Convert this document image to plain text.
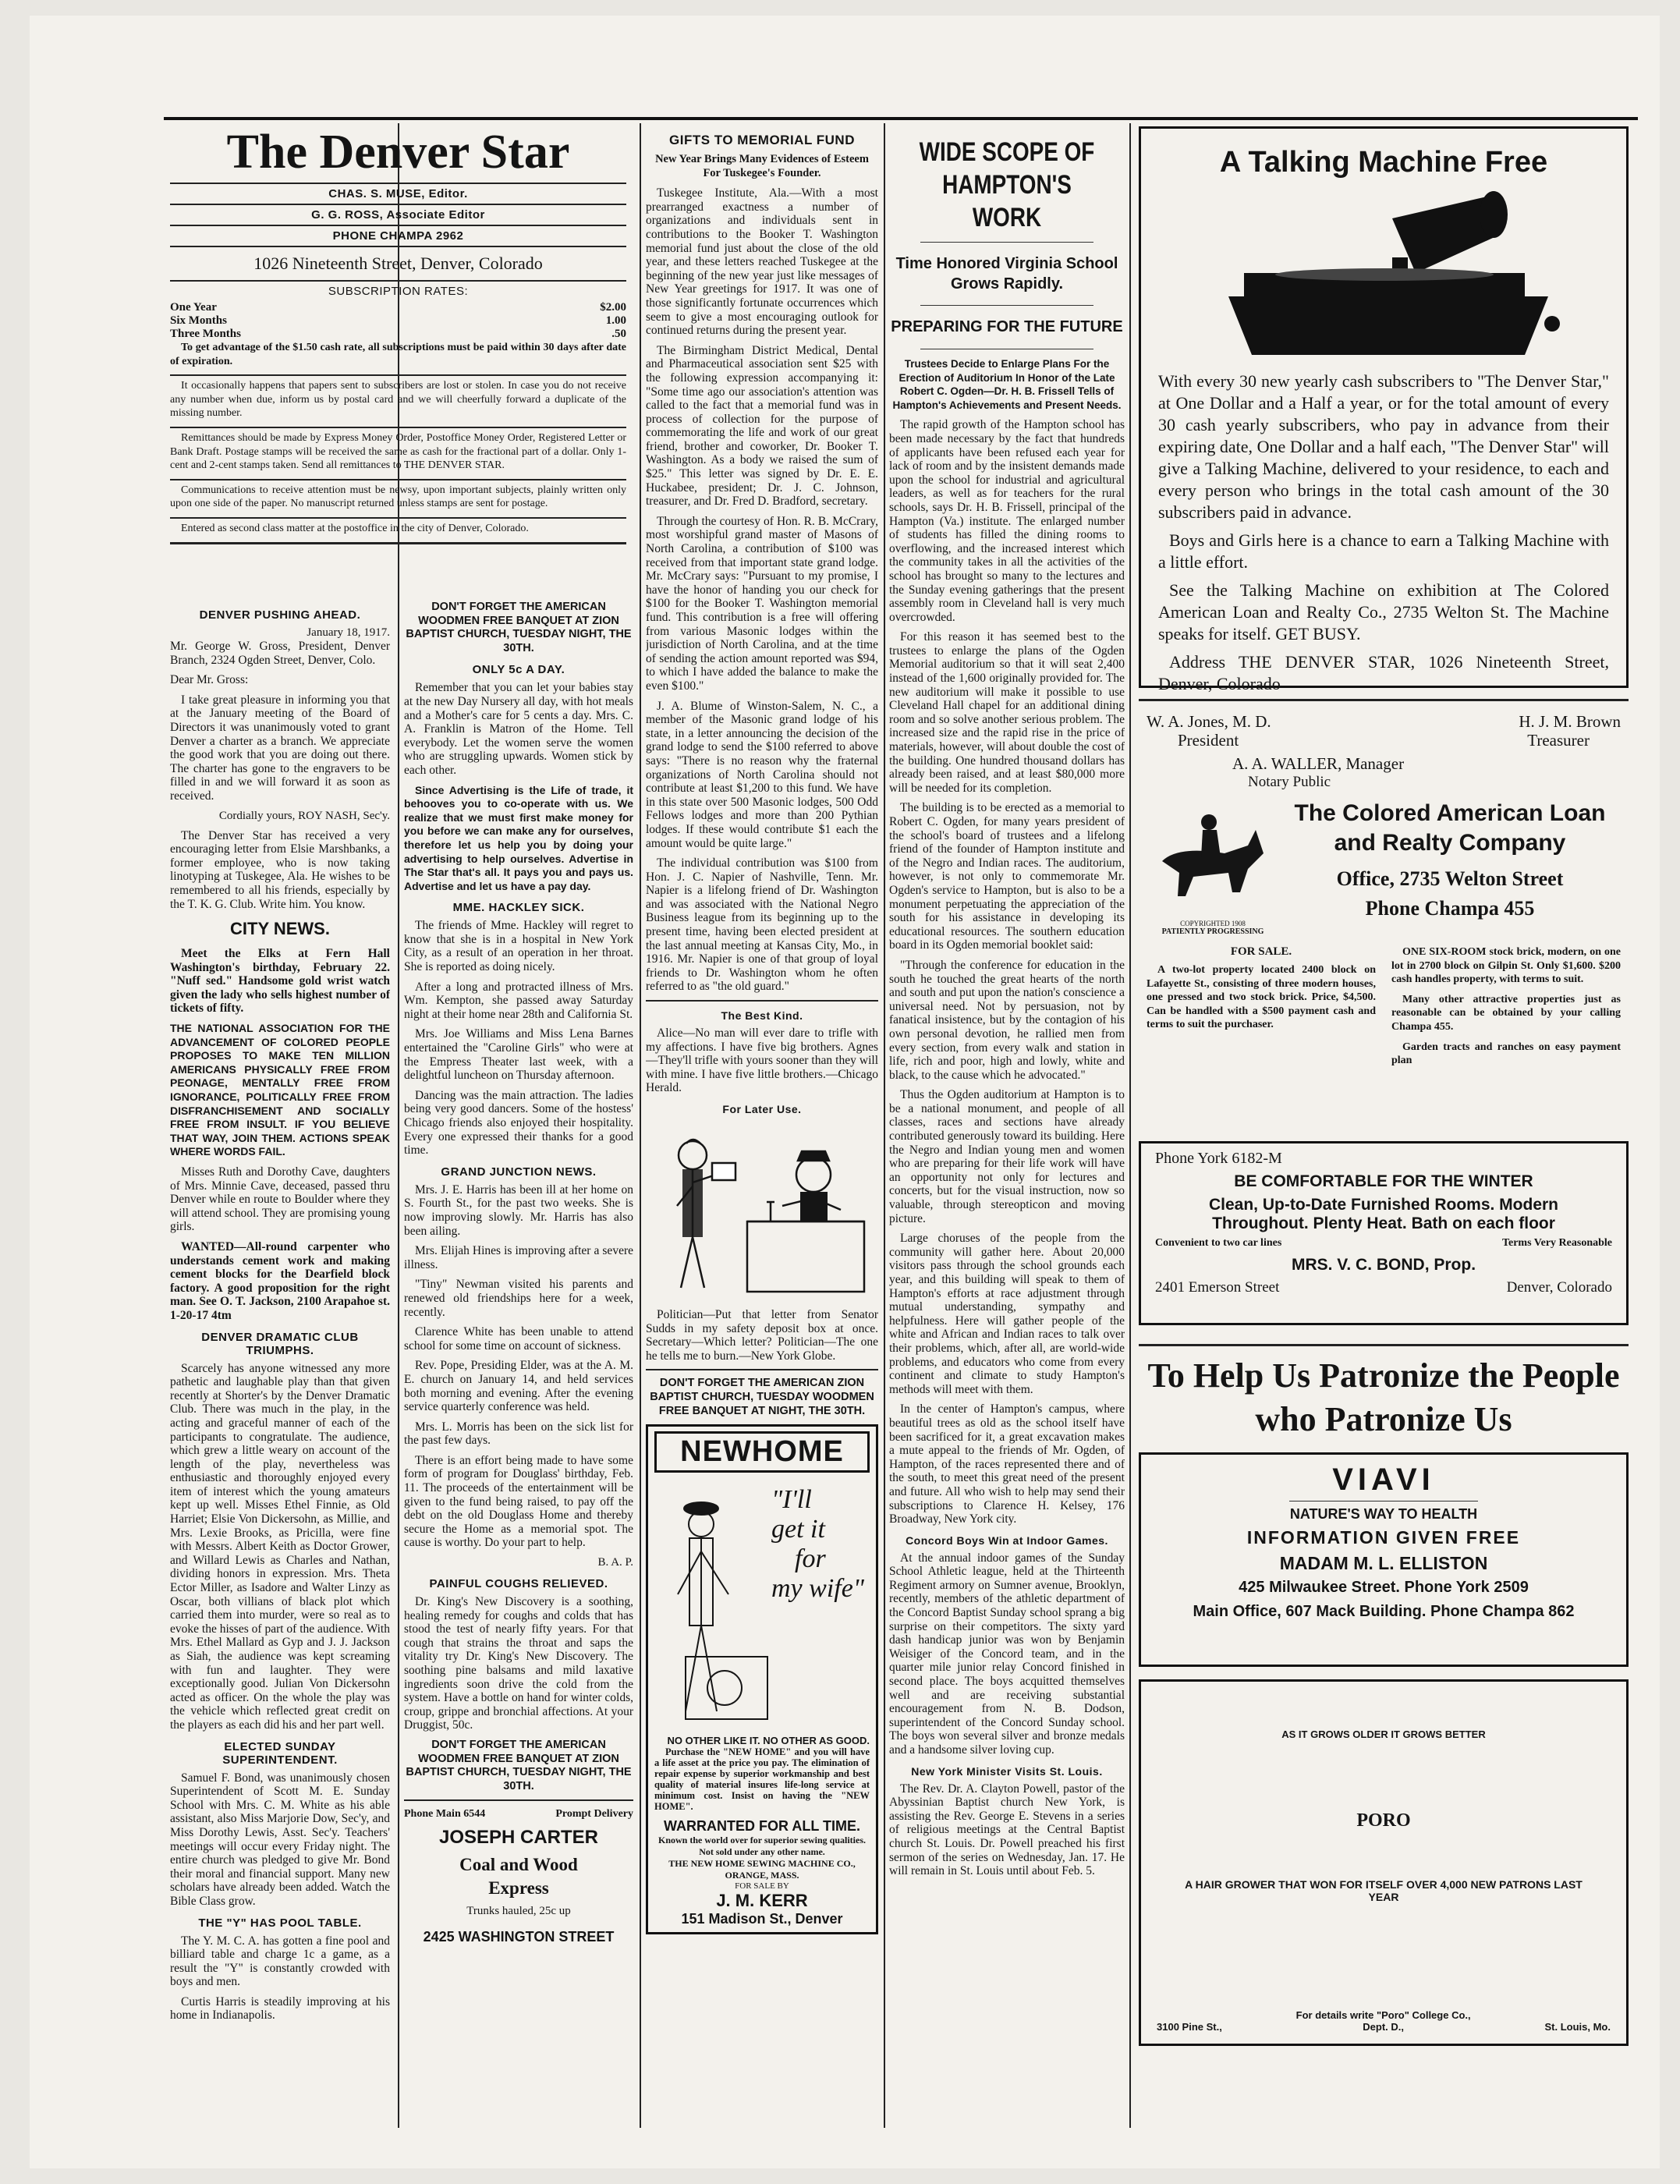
The Denver Star
CHAS. S. MUSE, Editor.
G. G. ROSS, Associate Editor
PHONE CHAMPA 2962
1026 Nineteenth Street, Denver, Colorado
SUBSCRIPTION RATES:
One Year	$2.00
Six Months	1.00
Three Months	.50

To get advantage of the $1.50 cash rate, all subscriptions must be paid within 30 days after date of expiration.

It occasionally happens that papers sent to subscribers are lost or stolen. In case you do not receive any number when due, inform us by postal card and we will cheerfully forward a duplicate of the missing number.

Remittances should be made by Express Money Order, Postoffice Money Order, Registered Letter or Bank Draft. Postage stamps will be received the same as cash for the fractional part of a dollar. Only 1-cent and 2-cent stamps taken. Send all remittances to THE DENVER STAR.

Communications to receive attention must be newsy, upon important subjects, plainly written only upon one side of the paper. No manuscript returned unless stamps are sent for postage.

Entered as second class matter at the postoffice in the city of Denver, Colorado.

DENVER PUSHING AHEAD.
January 18, 1917.

Mr. George W. Gross, President, Denver Branch, 2324 Ogden Street, Denver, Colo.

Dear Mr. Gross:

I take great pleasure in informing you that at the January meeting of the Board of Directors it was unanimously voted to grant Denver a charter as a branch. We appreciate the good work that you are doing out there. The charter has gone to the engravers to be filled in and we will forward it as soon as received.

Cordially yours, ROY NASH, Sec'y.

The Denver Star has received a very encouraging letter from Elsie Marshbanks, a former employee, who is now taking linotyping at Tuskegee, Ala. He wishes to be remembered to all his friends, especially by the T. K. G. Club. Write him. You know.

CITY NEWS.

Meet the Elks at Fern Hall Washington's birthday, February 22. "Nuff sed." Handsome gold wrist watch given the lady who sells highest number of tickets of fifty.

THE NATIONAL ASSOCIATION FOR THE ADVANCEMENT OF COLORED PEOPLE PROPOSES TO MAKE TEN MILLION AMERICANS PHYSICALLY FREE FROM PEONAGE, MENTALLY FREE FROM IGNORANCE, POLITICALLY FREE FROM DISFRANCHISEMENT AND SOCIALLY FREE FROM INSULT. IF YOU BELIEVE THAT WAY, JOIN THEM. ACTIONS SPEAK WHERE WORDS FAIL.

Misses Ruth and Dorothy Cave, daughters of Mrs. Minnie Cave, deceased, passed thru Denver while en route to Boulder where they will attend school. They are promising young girls.

WANTED—All-round carpenter who understands cement work and making cement blocks for the Dearfield block factory. A good proposition for the right man. See O. T. Jackson, 2100 Arapahoe st. 1-20-17 4tm

DENVER DRAMATIC CLUB TRIUMPHS.

Scarcely has anyone witnessed any more pathetic and laughable play than that given recently at Shorter's by the Denver Dramatic Club. There was much in the play, in the acting and graceful manner of each of the participants to congratulate. The audience, which grew a little weary on account of the length of the play, nevertheless was enthusiastic and thoroughly enjoyed every item of interest which the young amateurs kept up well. Misses Ethel Finnie, as Old Harriet; Elsie Von Dickersohn, as Millie, and Mrs. Lexie Brooks, as Pricilla, were fine with Messrs. Albert Keith as Doctor Grower, and Willard Lewis as Charles and Nathan, dividing honors in expression. Mrs. Theta Ector Miller, as Isadore and Walter Linzy as Oscar, both villians of black plot which carried them into murder, were so real as to evoke the hisses of part of the audience. With Mrs. Ethel Mallard as Gyp and J. J. Jackson as Siah, the audience was kept screaming with fun and laughter. They were exceptionally good. Julian Von Dickersohn acted as officer. On the whole the play was the vehicle which reflected great credit on the players as each did his and her part well.

ELECTED SUNDAY SUPERINTENDENT.

Samuel F. Bond, was unanimously chosen Superintendent of Scott M. E. Sunday School with Mrs. C. M. White as his able assistant, also Miss Marjorie Dow, Sec'y, and Miss Dorothy Lewis, Asst. Sec'y. Teachers' meetings will occur every Friday night. The entire church was pledged to give Mr. Bond their moral and financial support. Many new scholars have already been added. Watch the Bible Class grow.

THE "Y" HAS POOL TABLE.

The Y. M. C. A. has gotten a fine pool and billiard table and charge 1c a game, as a result the "Y" is constantly crowded with boys and men.

Curtis Harris is steadily improving at his home in Indianapolis.

DON'T FORGET THE AMERICAN WOODMEN FREE BANQUET AT ZION BAPTIST CHURCH, TUESDAY NIGHT, THE 30TH.

ONLY 5c A DAY.

Remember that you can let your babies stay at the new Day Nursery all day, with hot meals and a Mother's care for 5 cents a day. Mrs. C. A. Franklin is Matron of the Home. Tell everybody. Let the women serve the women who are struggling upwards. Women stick by each other.

Since Advertising is the Life of trade, it behooves you to co-operate with us. We realize that we must first make money for you before we can make any for ourselves, therefore let us help you by doing your advertising to help ourselves. Advertise in The Star that's all. It pays you and pays us. Advertise and let us have a pay day.

MME. HACKLEY SICK.

The friends of Mme. Hackley will regret to know that she is in a hospital in New York City, as a result of an operation in her throat. She is reported as doing nicely.

After a long and protracted illness of Mrs. Wm. Kempton, she passed away Saturday night at their home near 28th and California St.

Mrs. Joe Williams and Miss Lena Barnes entertained the "Caroline Girls" who were at the Empress Theater last week, with a delightful luncheon on Thursday afternoon.

Dancing was the main attraction. The ladies being very good dancers. Some of the hostess' Chicago friends also enjoyed their hospitality. Every one expressed their thanks for a good time.

GRAND JUNCTION NEWS.

Mrs. J. E. Harris has been ill at her home on S. Fourth St., for the past two weeks. She is now improving slowly. Mr. Harris has also been ailing.

Mrs. Elijah Hines is improving after a severe illness.

"Tiny" Newman visited his parents and renewed old friendships here for a week, recently.

Clarence White has been unable to attend school for some time on account of sickness.

Rev. Pope, Presiding Elder, was at the A. M. E. church on January 14, and held services both morning and evening. After the evening service quarterly conference was held.

Mrs. L. Morris has been on the sick list for the past few days.

There is an effort being made to have some form of program for Douglass' birthday, Feb. 11. The proceeds of the entertainment will be given to the fund being raised, to pay off the debt on the old Douglass Home and thereby secure the Home as a memorial spot. The cause is worthy. Do your part to help.

B. A. P.
PAINFUL COUGHS RELIEVED.

Dr. King's New Discovery is a soothing, healing remedy for coughs and colds that has stood the test of nearly fifty years. For that cough that strains the throat and saps the vitality try Dr. King's New Discovery. The soothing pine balsams and mild laxative ingredients soon drive the cold from the system. Have a bottle on hand for winter colds, croup, grippe and bronchial affections. At your Druggist, 50c.

DON'T FORGET THE AMERICAN WOODMEN FREE BANQUET AT ZION BAPTIST CHURCH, TUESDAY NIGHT, THE 30TH.

Phone Main 6544	Prompt Delivery
JOSEPH CARTER
Coal and Wood
Express
Trunks hauled, 25c up
2425 WASHINGTON STREET
GIFTS TO MEMORIAL FUND

New Year Brings Many Evidences of Esteem For Tuskegee's Founder.

Tuskegee Institute, Ala.—With a most prearranged exactness a number of organizations and individuals sent in contributions to the Booker T. Washington memorial fund just about the close of the old year, and these letters reached Tuskegee at the beginning of the new year just like messages of New Year greetings for 1917. It was one of those significantly fortunate occurrences which seem to give a most encouraging outlook for continued returns during the present year.

The Birmingham District Medical, Dental and Pharmaceutical association sent $25 with the following expression accompanying it: "Some time ago our association's attention was called to the fact that a memorial fund was in process of collection for the purpose of commemorating the life and work of our great friend, brother and coworker, Dr. Booker T. Washington. As a body we raised the sum of $25." This letter was signed by Dr. E. E. Huckabee, president; Dr. J. C. Johnson, treasurer, and Dr. Fred D. Bradford, secretary.

Through the courtesy of Hon. R. B. McCrary, most worshipful grand master of Masons of North Carolina, a contribution of $100 was received from that important state grand lodge. Mr. McCrary says: "Pursuant to my promise, I have the honor of handing you our check for $100 for the Booker T. Washington memorial fund. This contribution is a free will offering from various Masonic lodges within the jurisdiction of North Carolina, and at the time of sending the action amount reported was $94, to which I have added the balance to make the even $100."

J. A. Blume of Winston-Salem, N. C., a member of the Masonic grand lodge of his state, in a letter announcing the decision of the grand lodge to send the $100 referred to above says: "There is no reason why the fraternal organizations of North Carolina should not contribute at least $1,200 to this fund. We have in this state over 500 Masonic lodges, 500 Odd Fellows lodges and more than 200 Pythian lodges. If these would contribute $1 each the amount would be quite large."

The individual contribution was $100 from Hon. J. C. Napier of Nashville, Tenn. Mr. Napier is a lifelong friend of Dr. Washington and was associated with the National Negro Business league from its beginning up to the present time, having been elected president at the last annual meeting at Kansas City, Mo., in 1916. Mr. Napier is one of that group of loyal friends to Dr. Washington whom he often referred to as "the old guard."

The Best Kind.

Alice—No man will ever dare to trifle with my affections. I have five big brothers. Agnes—They'll trifle with yours sooner than they will with mine. I have five little brothers.—Chicago Herald.

For Later Use.

Politician—Put that letter from Senator Sudds in my safety deposit box at once. Secretary—Which letter? Politician—The one he tells me to burn.—New York Globe.

DON'T FORGET THE AMERICAN ZION BAPTIST CHURCH, TUESDAY WOODMEN FREE BANQUET AT NIGHT, THE 30TH.

NEWHOME
"I'll
get it
for
my wife"
NO OTHER LIKE IT. NO OTHER AS GOOD.

Purchase the "NEW HOME" and you will have a life asset at the price you pay. The elimination of repair expense by superior workmanship and best quality of material insures life-long service at minimum cost. Insist on having the "NEW HOME".

WARRANTED FOR ALL TIME.
Known the world over for superior sewing qualities. Not sold under any other name.
THE NEW HOME SEWING MACHINE CO., ORANGE, MASS.
FOR SALE BY
J. M. KERR
151 Madison St., Denver
WIDE SCOPE OF HAMPTON'S WORK
Time Honored Virginia School Grows Rapidly.
PREPARING FOR THE FUTURE

Trustees Decide to Enlarge Plans For the Erection of Auditorium In Honor of the Late Robert C. Ogden—Dr. H. B. Frissell Tells of Hampton's Achievements and Present Needs.

The rapid growth of the Hampton school has been made necessary by the fact that hundreds of applicants have been refused each year for lack of room and by the insistent demands made upon the school for industrial and agricultural leaders, as well as for teachers for the rural schools, says Dr. H. B. Frissell, principal of the Hampton (Va.) institute. The enlarged number of students has filled the dining rooms to overflowing, and the increased interest which the community takes in all the activities of the school has brought so many to the lectures and the Sunday evening gatherings that the present assembly room in Cleveland hall is very much overcrowded.

For this reason it has seemed best to the trustees to enlarge the plans of the Ogden Memorial auditorium so that it will seat 2,400 instead of the 1,600 originally provided for. The new auditorium will make it possible to use Cleveland Hall chapel for an additional dining room and so solve another serious problem. The increased size and the rapid rise in the price of materials, however, will about double the cost of the building. One hundred thousand dollars has already been raised, and at least $80,000 more will be needed for its completion.

The building is to be erected as a memorial to Robert C. Ogden, for many years president of the school's board of trustees and a lifelong friend of the founder of Hampton institute and of the Negro and Indian races. The auditorium, however, is not only to commemorate Mr. Ogden's service to Hampton, but is also to be a monument perpetuating the appreciation of the south for his assistance in developing its educational resources. The southern education board in its Ogden memorial booklet said:

"Through the conference for education in the south he touched the great hearts of the north and south and put upon the nation's conscience a universal need. Not by persuasion, not by fanatical insistence, but by the contagion of his own personal devotion, he rallied men from every section, from every walk and station in life, rich and poor, high and lowly, white and black, to the cause which he advocated."

Thus the Ogden auditorium at Hampton is to be a national monument, and people of all classes, races and sections have already contributed generously toward its building. Here the Negro and Indian young men and women who are preparing for their life work will have an opportunity not only for lectures and concerts, but for the visual instruction, now so valuable, through stereopticon and moving picture.

Large choruses of the people from the community will gather here. About 20,000 visitors pass through the school grounds each year, and this building will speak to them of Hampton's efforts at race adjustment through mutual understanding, sympathy and helpfulness. Here will gather people of the white and African and Indian races to talk over their problems, which, after all, are world-wide problems, and educators who come from every continent and climate to study Hampton's methods will meet with them.

In the center of Hampton's campus, where beautiful trees as old as the school itself have been sacrificed for it, a great excavation makes a mute appeal to the friends of Mr. Ogden, of Hampton, of the races represented there and of the south, to meet this great need of the present and future. All who wish to help may send their subscriptions to Clarence H. Kelsey, 176 Broadway, New York city.

Concord Boys Win at Indoor Games.

At the annual indoor games of the Sunday School Athletic league, held at the Thirteenth Regiment armory on Sumner avenue, Brooklyn, recently, members of the athletic department of the Concord Baptist Sunday school sprang a big surprise on their competitors. The sixty yard dash handicap junior was won by Benjamin Weisiger of the Concord team, and in the quarter mile junior relay Concord finished in second place. The boys acquitted themselves well and are receiving substantial encouragement from N. B. Dodson, superintendent of the Concord Sunday school. The boys won several silver and bronze medals and a handsome silver loving cup.

New York Minister Visits St. Louis.

The Rev. Dr. A. Clayton Powell, pastor of the Abyssinian Baptist church New York, is assisting the Rev. George E. Stevens in a series of religious meetings at the Central Baptist church St. Louis. Dr. Powell preached his first sermon of the series on Wednesday, Jan. 17. He will remain in St. Louis until about Feb. 5.

A Talking Machine Free

With every 30 new yearly cash subscribers to "The Denver Star," at One Dollar and a Half a year, or for the total amount of every 30 cash yearly subscribers, who pay in advance from their expiring date, One Dollar and a half each, "The Denver Star" will give a Talking Machine, delivered to your residence, to each and every person who brings in the total cash amount of the 30 subscribers paid in advance.

Boys and Girls here is a chance to earn a Talking Machine with a little effort.

See the Talking Machine on exhibition at The Colored American Loan and Realty Co., 2735 Welton St. The Machine speaks for itself. GET BUSY.

Address THE DENVER STAR, 1026 Nineteenth Street, Denver, Colorado

W. A. Jones, M. D.	H. J. M. Brown
President	Treasurer
A. A. WALLER, Manager
Notary Public
COPYRIGHTED 1908
PATIENTLY PROGRESSING
The Colored American Loan
and Realty Company
Office, 2735 Welton Street
Phone Champa 455
FOR SALE.

A two-lot property located 2400 block on Lafayette St., consisting of three modern houses, one pressed and two stock brick. Price, $4,500. Can be handled with a $500 payment cash and terms to suit the purchaser.

ONE SIX-ROOM stock brick, modern, on one lot in 2700 block on Gilpin St. Only $1,600. $200 cash handles property, with terms to suit.

Many other attractive properties just as reasonable can be obtained by your calling Champa 455.

Garden tracts and ranches on easy payment plan

Phone York 6182-M
BE COMFORTABLE FOR THE WINTER
Clean, Up-to-Date Furnished Rooms. Modern
Throughout. Plenty Heat. Bath on each floor
Convenient to two car lines	Terms Very Reasonable
MRS. V. C. BOND, Prop.
2401 Emerson Street	Denver, Colorado
To Help Us Patronize the People who Patronize Us
VIAVI
NATURE'S WAY TO HEALTH
INFORMATION GIVEN FREE
MADAM M. L. ELLISTON
425 Milwaukee Street. Phone York 2509
Main Office, 607 Mack Building. Phone Champa 862
AS IT GROWS OLDER IT GROWS BETTER
PORO
A HAIR GROWER THAT WON FOR ITSELF OVER 4,000 NEW PATRONS LAST YEAR
3100 Pine St.,
For details write "Poro" College Co., Dept. D.,	St. Louis, Mo.
